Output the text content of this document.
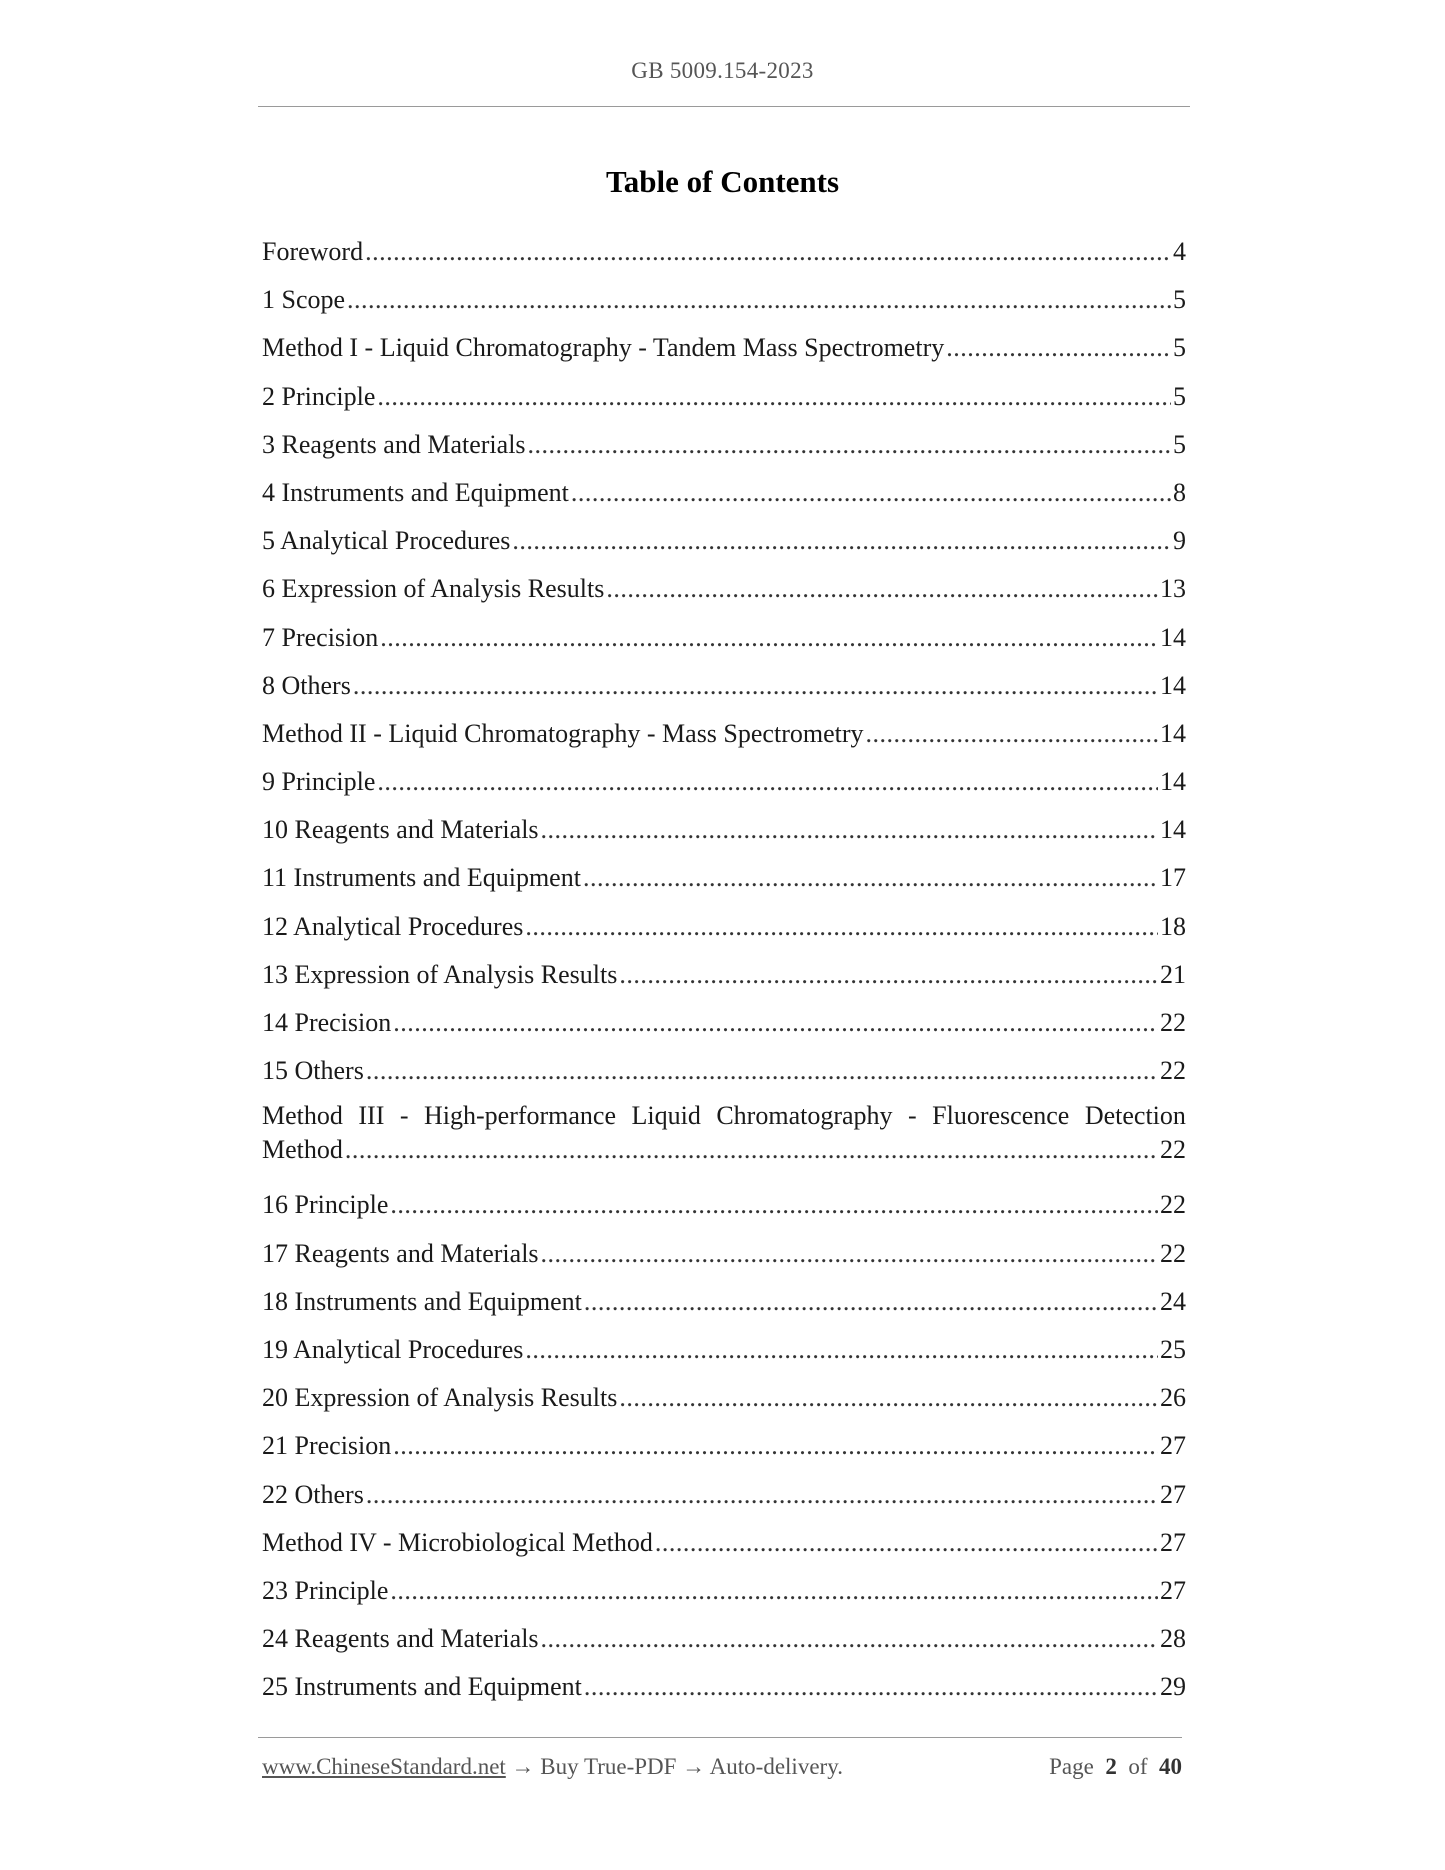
GB 5009.154-2023
Table of Contents
Foreword .....	4
1 Scope .....	5
Method I - Liquid Chromatography - Tandem Mass Spectrometry .....	5
2 Principle .....	5
3 Reagents and Materials .....	5
4 Instruments and Equipment .....	8
5 Analytical Procedures .....	9
6 Expression of Analysis Results .....	13
7 Precision .....	14
8 Others .....	14
Method II - Liquid Chromatography - Mass Spectrometry .....	14
9 Principle .....	14
10 Reagents and Materials .....	14
11 Instruments and Equipment .....	17
12 Analytical Procedures .....	18
13 Expression of Analysis Results .....	21
14 Precision .....	22
15 Others .....	22
Method III - High-performance Liquid Chromatography - Fluorescence Detection
Method .....	22
16 Principle .....	22
17 Reagents and Materials .....	22
18 Instruments and Equipment .....	24
19 Analytical Procedures .....	25
20 Expression of Analysis Results .....	26
21 Precision .....	27
22 Others .....	27
Method IV - Microbiological Method .....	27
23 Principle .....	27
24 Reagents and Materials .....	28
25 Instruments and Equipment .....	29
www.ChineseStandard.net → Buy True-PDF → Auto-delivery.	Page 2 of 40
